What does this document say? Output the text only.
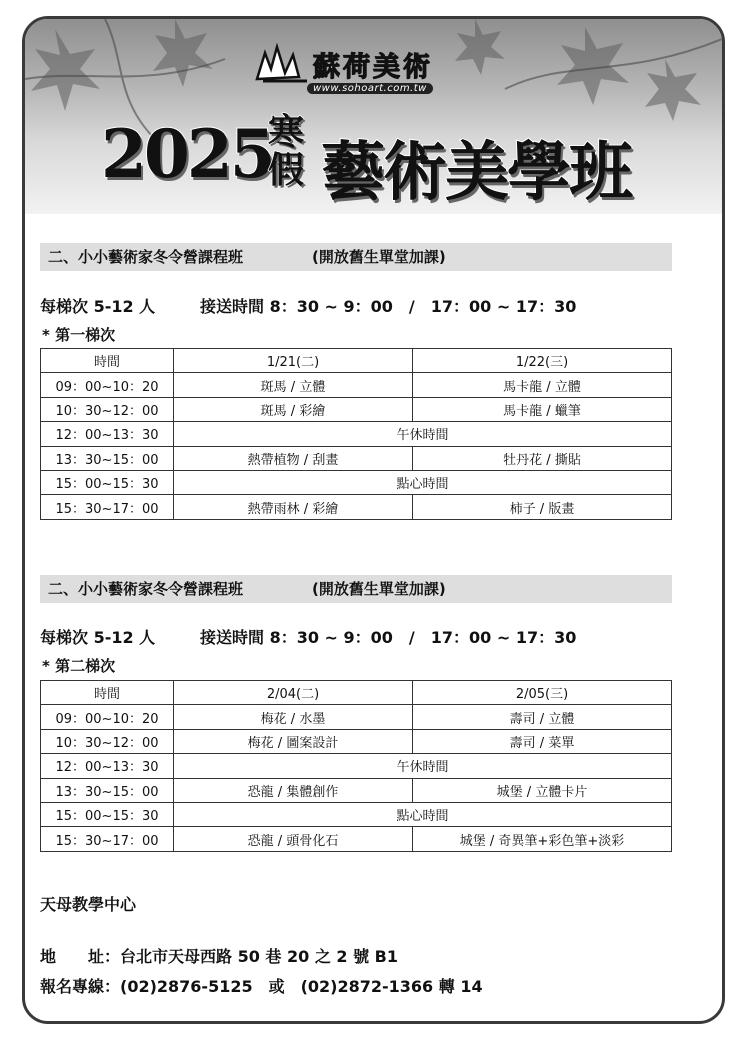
蘇荷美術
www.sohoart.com.tw
2025
寒
假 藝術美學班
二、小小藝術家冬令營課程班	(開放舊生單堂加課)
每梯次 5-12 人	接送時間 8：30 ~ 9：00　/　17：00 ~ 17：30
* 第一梯次
時間	1/21(二)	1/22(三)
09：00~10：20	斑馬 / 立體	馬卡龍 / 立體
10：30~12：00	斑馬 / 彩繪	馬卡龍 / 蠟筆
12：00~13：30	午休時間	
13：30~15：00	熱帶植物 / 刮畫	牡丹花 / 撕貼
15：00~15：30	點心時間	
15：30~17：00	熱帶雨林 / 彩繪	柿子 / 版畫
二、小小藝術家冬令營課程班	(開放舊生單堂加課)
每梯次 5-12 人	接送時間 8：30 ~ 9：00　/　17：00 ~ 17：30
* 第二梯次
時間	2/04(二)	2/05(三)
09：00~10：20	梅花 / 水墨	壽司 / 立體
10：30~12：00	梅花 / 圖案設計	壽司 / 菜單
12：00~13：30	午休時間	
13：30~15：00	恐龍 / 集體創作	城堡 / 立體卡片
15：00~15：30	點心時間	
15：30~17：00	恐龍 / 頭骨化石	城堡 / 奇異筆+彩色筆+淡彩
天母教學中心
地　　址：台北市天母西路 50 巷 20 之 2 號 B1
報名專線：(02)2876-5125　或　(02)2872-1366 轉 14
